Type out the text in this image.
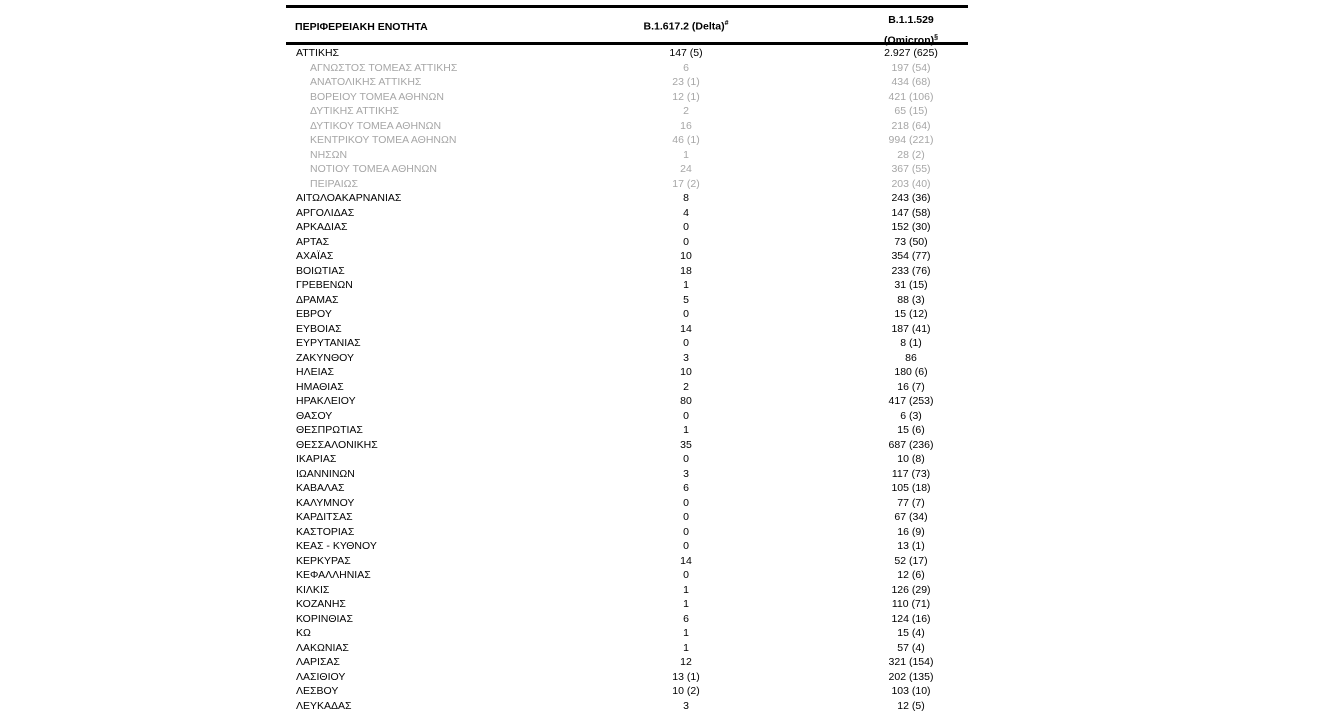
ΠΕΡΙΦΕΡΕΙΑΚΗ ΕΝΟΤΗΤΑ	B.1.617.2 (Delta)#	B.1.1.529
(Omicron)§
ΑΤΤΙΚΗΣ	147 (5)	2.927 (625)
ΑΓΝΩΣΤΟΣ ΤΟΜΕΑΣ ΑΤΤΙΚΗΣ	6	197 (54)
ΑΝΑΤΟΛΙΚΗΣ ΑΤΤΙΚΗΣ	23 (1)	434 (68)
ΒΟΡΕΙΟΥ ΤΟΜΕΑ ΑΘΗΝΩΝ	12 (1)	421 (106)
ΔΥΤΙΚΗΣ ΑΤΤΙΚΗΣ	2	65 (15)
ΔΥΤΙΚΟΥ ΤΟΜΕΑ ΑΘΗΝΩΝ	16	218 (64)
ΚΕΝΤΡΙΚΟΥ ΤΟΜΕΑ ΑΘΗΝΩΝ	46 (1)	994 (221)
ΝΗΣΩΝ	1	28 (2)
ΝΟΤΙΟΥ ΤΟΜΕΑ ΑΘΗΝΩΝ	24	367 (55)
ΠΕΙΡΑΙΩΣ	17 (2)	203 (40)
ΑΙΤΩΛΟΑΚΑΡΝΑΝΙΑΣ	8	243 (36)
ΑΡΓΟΛΙΔΑΣ	4	147 (58)
ΑΡΚΑΔΙΑΣ	0	152 (30)
ΑΡΤΑΣ	0	73 (50)
ΑΧΑΪΑΣ	10	354 (77)
ΒΟΙΩΤΙΑΣ	18	233 (76)
ΓΡΕΒΕΝΩΝ	1	31 (15)
ΔΡΑΜΑΣ	5	88 (3)
ΕΒΡΟΥ	0	15 (12)
ΕΥΒΟΙΑΣ	14	187 (41)
ΕΥΡΥΤΑΝΙΑΣ	0	8 (1)
ΖΑΚΥΝΘΟΥ	3	86
ΗΛΕΙΑΣ	10	180 (6)
ΗΜΑΘΙΑΣ	2	16 (7)
ΗΡΑΚΛΕΙΟΥ	80	417 (253)
ΘΑΣΟΥ	0	6 (3)
ΘΕΣΠΡΩΤΙΑΣ	1	15 (6)
ΘΕΣΣΑΛΟΝΙΚΗΣ	35	687 (236)
ΙΚΑΡΙΑΣ	0	10 (8)
ΙΩΑΝΝΙΝΩΝ	3	117 (73)
ΚΑΒΑΛΑΣ	6	105 (18)
ΚΑΛΥΜΝΟΥ	0	77 (7)
ΚΑΡΔΙΤΣΑΣ	0	67 (34)
ΚΑΣΤΟΡΙΑΣ	0	16 (9)
ΚΕΑΣ - ΚΥΘΝΟΥ	0	13 (1)
ΚΕΡΚΥΡΑΣ	14	52 (17)
ΚΕΦΑΛΛΗΝΙΑΣ	0	12 (6)
ΚΙΛΚΙΣ	1	126 (29)
ΚΟΖΑΝΗΣ	1	110 (71)
ΚΟΡΙΝΘΙΑΣ	6	124 (16)
ΚΩ	1	15 (4)
ΛΑΚΩΝΙΑΣ	1	57 (4)
ΛΑΡΙΣΑΣ	12	321 (154)
ΛΑΣΙΘΙΟΥ	13 (1)	202 (135)
ΛΕΣΒΟΥ	10 (2)	103 (10)
ΛΕΥΚΑΔΑΣ	3	12 (5)
